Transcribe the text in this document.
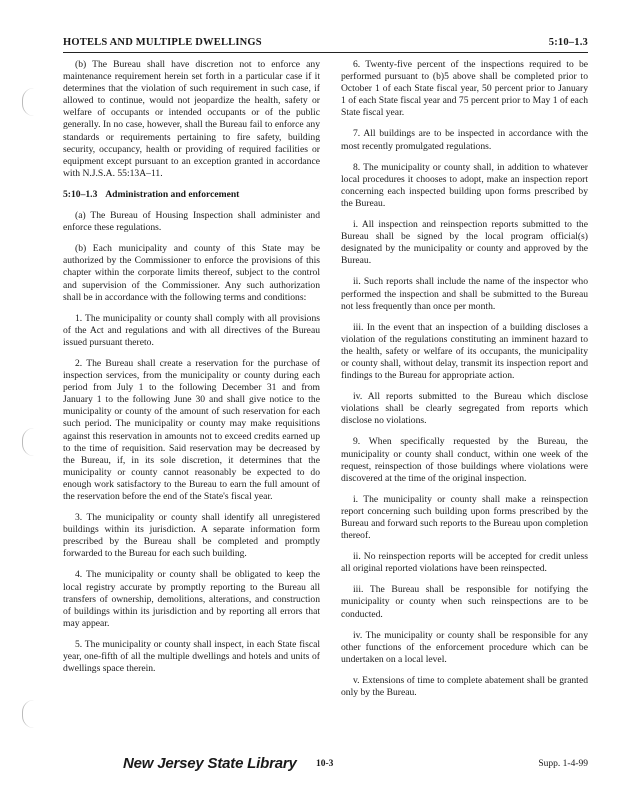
HOTELS AND MULTIPLE DWELLINGS	5:10–1.3

(b) The Bureau shall have discretion not to enforce any maintenance requirement herein set forth in a particular case if it determines that the violation of such requirement in such case, if allowed to continue, would not jeopardize the health, safety or welfare of occupants or intended occupants or of the public generally. In no case, however, shall the Bureau fail to enforce any standards or requirements pertaining to fire safety, building security, occupancy, health or providing of required facilities or equipment except pursuant to an exception granted in accordance with N.J.S.A. 55:13A–11.

5:10–1.3 Administration and enforcement

(a) The Bureau of Housing Inspection shall administer and enforce these regulations.

(b) Each municipality and county of this State may be authorized by the Commissioner to enforce the provisions of this chapter within the corporate limits thereof, subject to the control and supervision of the Commissioner. Any such authorization shall be in accordance with the following terms and conditions:

1. The municipality or county shall comply with all provisions of the Act and regulations and with all directives of the Bureau issued pursuant thereto.

2. The Bureau shall create a reservation for the purchase of inspection services, from the municipality or county during each period from July 1 to the following December 31 and from January 1 to the following June 30 and shall give notice to the municipality or county of the amount of such reservation for each such period. The municipality or county may make requisitions against this reservation in amounts not to exceed credits earned up to the time of requisition. Said reservation may be decreased by the Bureau, if, in its sole discretion, it determines that the municipality or county cannot reasonably be expected to do enough work satisfactory to the Bureau to earn the full amount of the reservation before the end of the State's fiscal year.

3. The municipality or county shall identify all unregistered buildings within its jurisdiction. A separate information form prescribed by the Bureau shall be completed and promptly forwarded to the Bureau for each such building.

4. The municipality or county shall be obligated to keep the local registry accurate by promptly reporting to the Bureau all transfers of ownership, demolitions, alterations, and construction of buildings within its jurisdiction and by reporting all errors that may appear.

5. The municipality or county shall inspect, in each State fiscal year, one-fifth of all the multiple dwellings and hotels and units of dwellings space therein.

6. Twenty-five percent of the inspections required to be performed pursuant to (b)5 above shall be completed prior to October 1 of each State fiscal year, 50 percent prior to January 1 of each State fiscal year and 75 percent prior to May 1 of each State fiscal year.

7. All buildings are to be inspected in accordance with the most recently promulgated regulations.

8. The municipality or county shall, in addition to whatever local procedures it chooses to adopt, make an inspection report concerning each inspected building upon forms prescribed by the Bureau.

i. All inspection and reinspection reports submitted to the Bureau shall be signed by the local program official(s) designated by the municipality or county and approved by the Bureau.

ii. Such reports shall include the name of the inspector who performed the inspection and shall be submitted to the Bureau not less frequently than once per month.

iii. In the event that an inspection of a building discloses a violation of the regulations constituting an imminent hazard to the health, safety or welfare of its occupants, the municipality or county shall, without delay, transmit its inspection report and findings to the Bureau for appropriate action.

iv. All reports submitted to the Bureau which disclose violations shall be clearly segregated from reports which disclose no violations.

9. When specifically requested by the Bureau, the municipality or county shall conduct, within one week of the request, reinspection of those buildings where violations were discovered at the time of the original inspection.

i. The municipality or county shall make a reinspection report concerning such building upon forms prescribed by the Bureau and forward such reports to the Bureau upon completion thereof.

ii. No reinspection reports will be accepted for credit unless all original reported violations have been reinspected.

iii. The Bureau shall be responsible for notifying the municipality or county when such reinspections are to be conducted.

iv. The municipality or county shall be responsible for any other functions of the enforcement procedure which can be undertaken on a local level.

v. Extensions of time to complete abatement shall be granted only by the Bureau.

New Jersey State Library 10-3	Supp. 1-4-99
